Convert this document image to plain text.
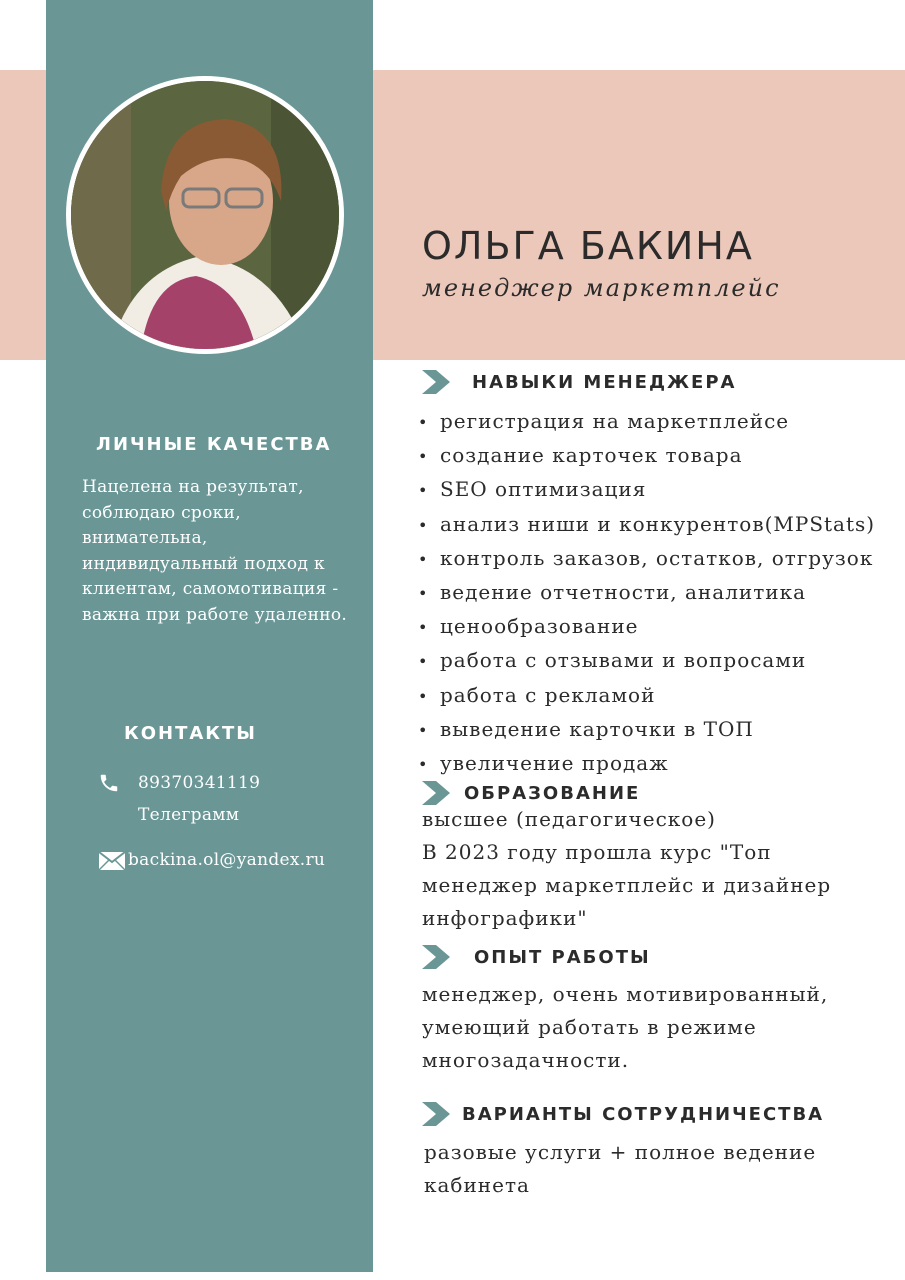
ЛИЧНЫЕ КАЧЕСТВА
Нацелена на результат,
соблюдаю сроки,
внимательна,
индивидуальный подход к
клиентам, самомотивация -
важна при работе удаленно.
КОНТАКТЫ
89370341119
Телеграмм
backina.ol@yandex.ru
ОЛЬГА БАКИНА
менеджер маркетплейс
НАВЫКИ МЕНЕДЖЕРА
• регистрация на маркетплейсе
• создание карточек товара
• SEO оптимизация
• анализ ниши и конкурентов(MPStats)
• контроль заказов, остатков, отгрузок
• ведение отчетности, аналитика
• ценообразование
• работа с отзывами и вопросами
• работа с рекламой
• выведение карточки в ТОП
• увеличение продаж
ОБРАЗОВАНИЕ
высшее (педагогическое)
В 2023 году прошла курс "Топ
менеджер маркетплейс и дизайнер
инфографики"
ОПЫТ РАБОТЫ
менеджер, очень мотивированный,
умеющий работать в режиме
многозадачности.
ВАРИАНТЫ СОТРУДНИЧЕСТВА
разовые услуги + полное ведение
кабинета
